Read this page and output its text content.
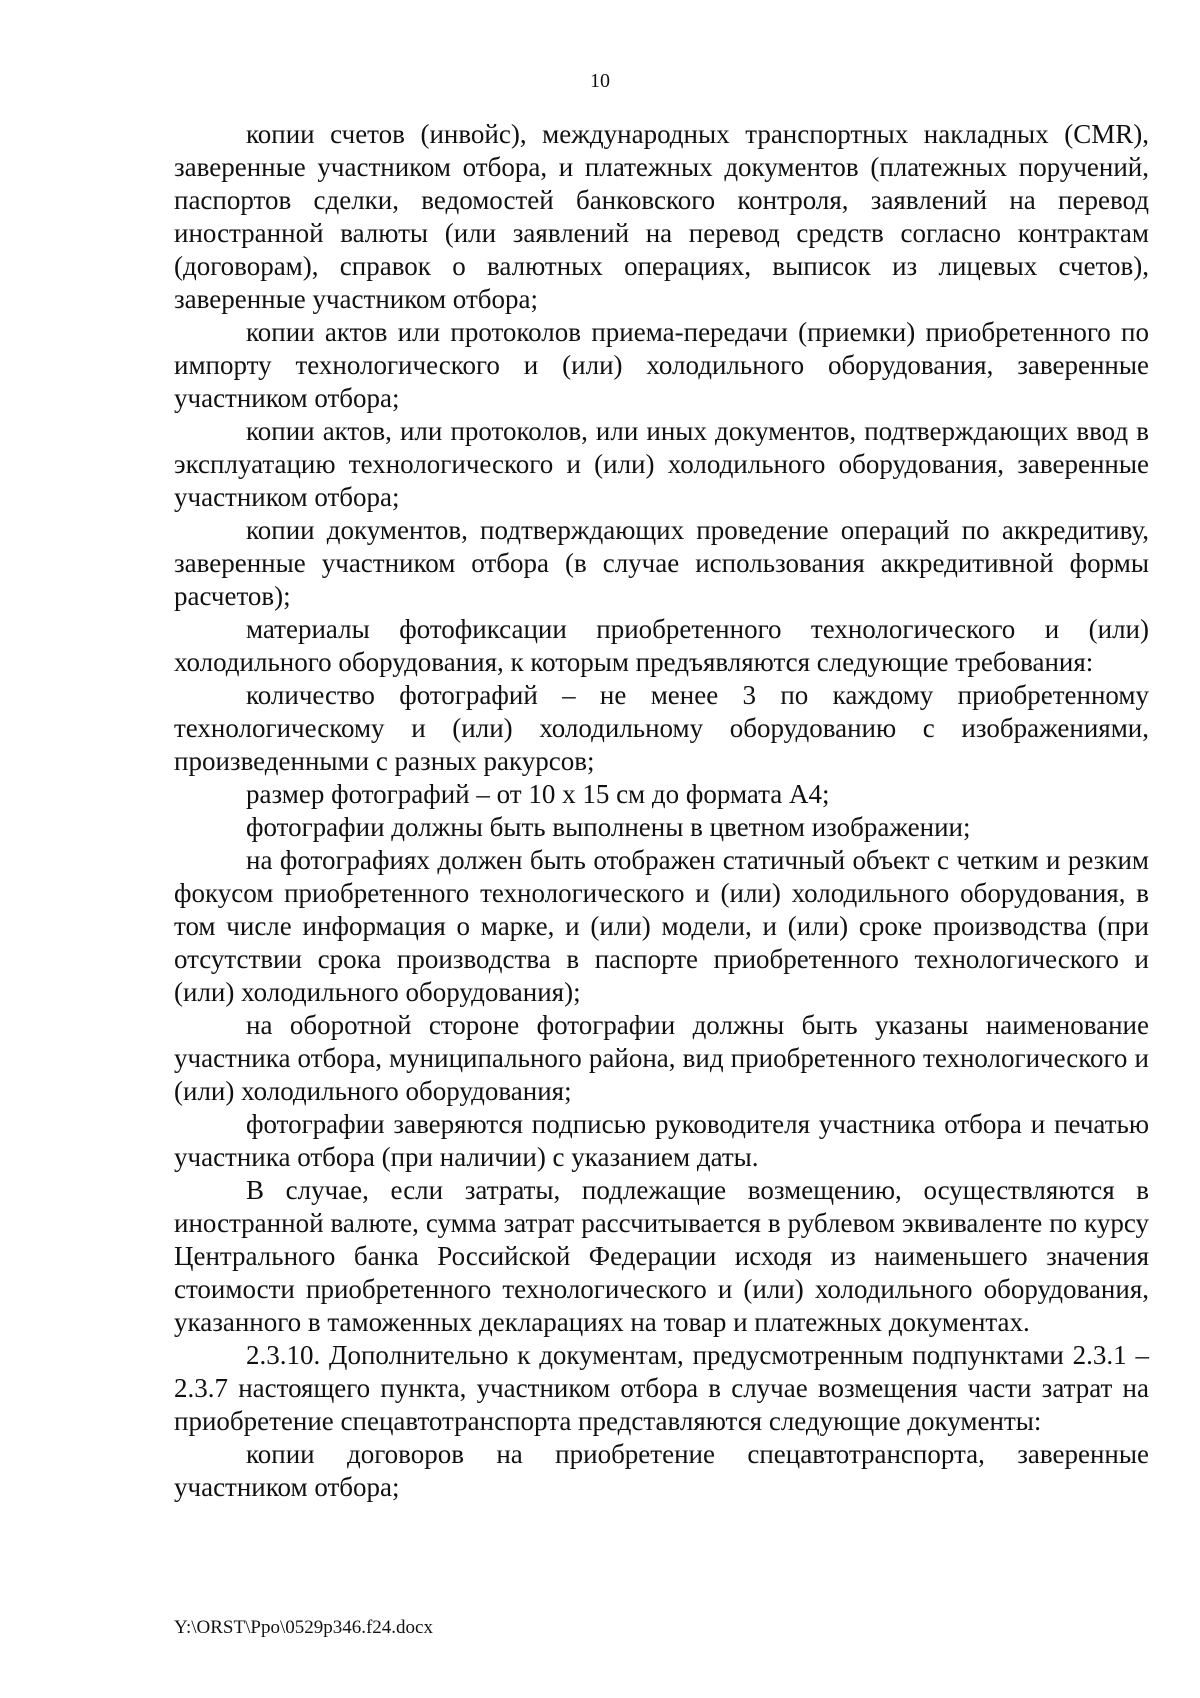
10

копии счетов (инвойс), международных транспортных накладных (CMR), заверенные участником отбора, и платежных документов (платежных поручений, паспортов сделки, ведомостей банковского контроля, заявлений на перевод иностранной валюты (или заявлений на перевод средств согласно контрактам (договорам), справок о валютных операциях, выписок из лицевых счетов), заверенные участником отбора;

копии актов или протоколов приема-передачи (приемки) приобретенного по импорту технологического и (или) холодильного оборудования, заверенные участником отбора;

копии актов, или протоколов, или иных документов, подтверждающих ввод в эксплуатацию технологического и (или) холодильного оборудования, заверенные участником отбора;

копии документов, подтверждающих проведение операций по аккредитиву, заверенные участником отбора (в случае использования аккредитивной формы расчетов);

материалы фотофиксации приобретенного технологического и (или) холодильного оборудования, к которым предъявляются следующие требования:

количество фотографий – не менее 3 по каждому приобретенному технологическому и (или) холодильному оборудованию с изображениями, произведенными с разных ракурсов;

размер фотографий – от 10 х 15 см до формата А4;

фотографии должны быть выполнены в цветном изображении;

на фотографиях должен быть отображен статичный объект с четким и резким фокусом приобретенного технологического и (или) холодильного оборудования, в том числе информация о марке, и (или) модели, и (или) сроке производства (при отсутствии срока производства в паспорте приобретенного технологического и (или) холодильного оборудования);

на оборотной стороне фотографии должны быть указаны наименование участника отбора, муниципального района, вид приобретенного технологического и (или) холодильного оборудования;

фотографии заверяются подписью руководителя участника отбора и печатью участника отбора (при наличии) с указанием даты.

В случае, если затраты, подлежащие возмещению, осуществляются в иностранной валюте, сумма затрат рассчитывается в рублевом эквиваленте по курсу Центрального банка Российской Федерации исходя из наименьшего значения стоимости приобретенного технологического и (или) холодильного оборудования, указанного в таможенных декларациях на товар и платежных документах.

2.3.10. Дополнительно к документам, предусмотренным подпунктами 2.3.1 – 2.3.7 настоящего пункта, участником отбора в случае возмещения части затрат на приобретение спецавтотранспорта представляются следующие документы:

копии договоров на приобретение спецавтотранспорта, заверенные участником отбора;

Y:\ORST\Ppo\0529p346.f24.docx
